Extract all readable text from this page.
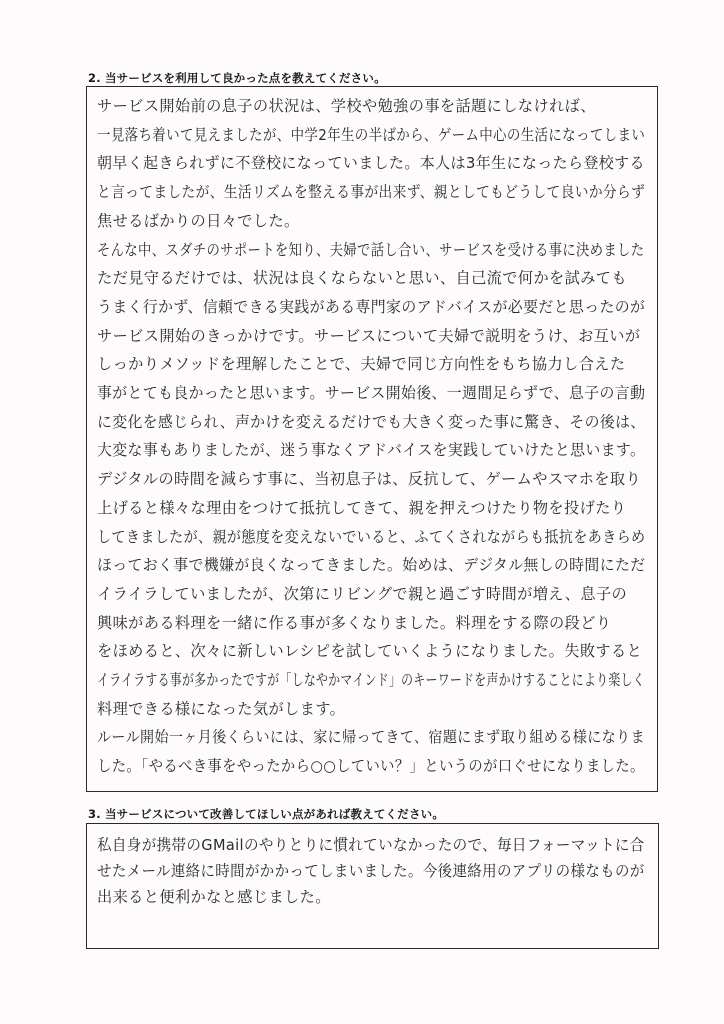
2. 当サービスを利用して良かった点を教えてください。
サービス開始前の息子の状況は、学校や勉強の事を話題にしなければ、
一見落ち着いて見えましたが、中学2年生の半ばから、ゲーム中心の生活になってしまい
朝早く起きられずに不登校になっていました。本人は3年生になったら登校する
と言ってましたが、生活リズムを整える事が出来ず、親としてもどうして良いか分らず
焦せるばかりの日々でした。
そんな中、スダチのサポートを知り、夫婦で話し合い、サービスを受ける事に決めました
ただ見守るだけでは、状況は良くならないと思い、自己流で何かを試みても
うまく行かず、信頼できる実践がある専門家のアドバイスが必要だと思ったのが
サービス開始のきっかけです。サービスについて夫婦で説明をうけ、お互いが
しっかりメソッドを理解したことで、夫婦で同じ方向性をもち協力し合えた
事がとても良かったと思います。サービス開始後、一週間足らずで、息子の言動
に変化を感じられ、声かけを変えるだけでも大きく変った事に驚き、その後は、
大変な事もありましたが、迷う事なくアドバイスを実践していけたと思います。
デジタルの時間を減らす事に、当初息子は、反抗して、ゲームやスマホを取り
上げると様々な理由をつけて抵抗してきて、親を押えつけたり物を投げたり
してきましたが、親が態度を変えないでいると、ふてくされながらも抵抗をあきらめ
ほっておく事で機嫌が良くなってきました。始めは、デジタル無しの時間にただ
イライラしていましたが、次第にリビングで親と過ごす時間が増え、息子の
興味がある料理を一緒に作る事が多くなりました。料理をする際の段どり
をほめると、次々に新しいレシピを試していくようになりました。失敗すると
イライラする事が多かったですが「しなやかマインド」のキーワードを声かけすることにより楽しく
料理できる様になった気がします。
ルール開始一ヶ月後くらいには、家に帰ってきて、宿題にまず取り組める様になりま
した。「やるべき事をやったから○○していい？」というのが口ぐせになりました。
3. 当サービスについて改善してほしい点があれば教えてください。
私自身が携帯のGMailのやりとりに慣れていなかったので、毎日フォーマットに合
せたメール連絡に時間がかかってしまいました。今後連絡用のアプリの様なものが
出来ると便利かなと感じました。
